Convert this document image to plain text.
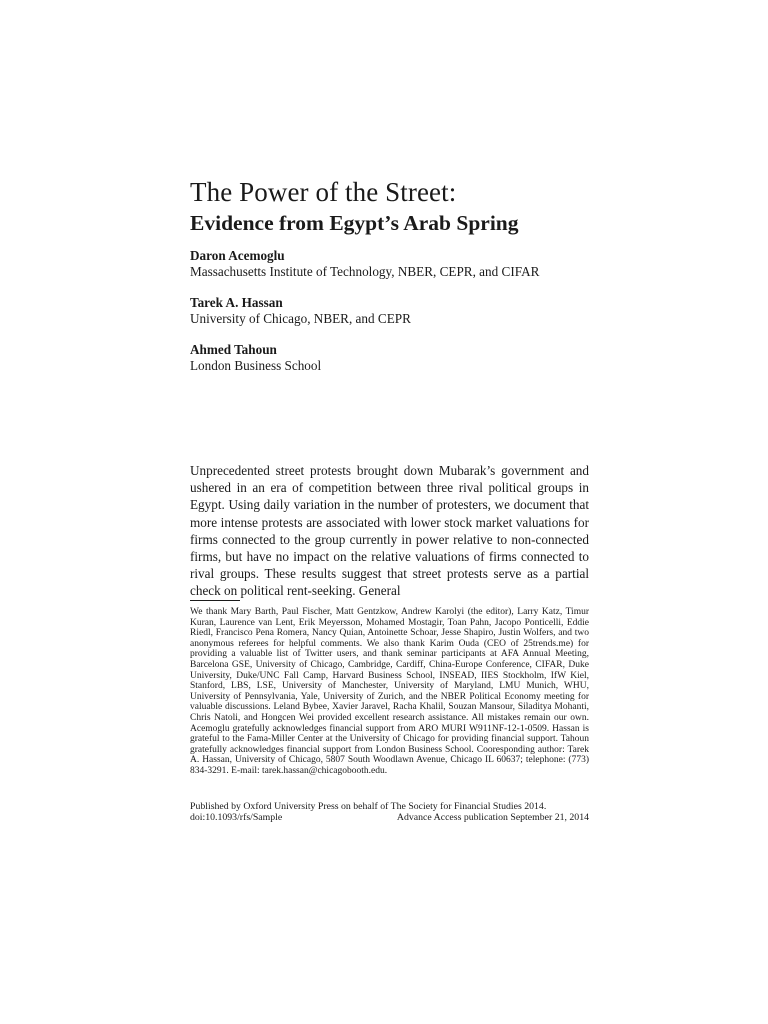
The Power of the Street:
Evidence from Egypt’s Arab Spring
Daron Acemoglu
Massachusetts Institute of Technology, NBER, CEPR, and CIFAR
Tarek A. Hassan
University of Chicago, NBER, and CEPR
Ahmed Tahoun
London Business School
Unprecedented street protests brought down Mubarak’s government and ushered in an era of competition between three rival political groups in Egypt. Using daily variation in the number of protesters, we document that more intense protests are associated with lower stock market valuations for firms connected to the group currently in power relative to non-connected firms, but have no impact on the relative valuations of firms connected to rival groups. These results suggest that street protests serve as a partial check on political rent-seeking. General
We thank Mary Barth, Paul Fischer, Matt Gentzkow, Andrew Karolyi (the editor), Larry Katz, Timur Kuran, Laurence van Lent, Erik Meyersson, Mohamed Mostagir, Toan Pahn, Jacopo Ponticelli, Eddie Riedl, Francisco Pena Romera, Nancy Quian, Antoinette Schoar, Jesse Shapiro, Justin Wolfers, and two anonymous referees for helpful comments. We also thank Karim Ouda (CEO of 25trends.me) for providing a valuable list of Twitter users, and thank seminar participants at AFA Annual Meeting, Barcelona GSE, University of Chicago, Cambridge, Cardiff, China-Europe Conference, CIFAR, Duke University, Duke/UNC Fall Camp, Harvard Business School, INSEAD, IIES Stockholm, IfW Kiel, Stanford, LBS, LSE, University of Manchester, University of Maryland, LMU Munich, WHU, University of Pennsylvania, Yale, University of Zurich, and the NBER Political Economy meeting for valuable discussions. Leland Bybee, Xavier Jaravel, Racha Khalil, Souzan Mansour, Siladitya Mohanti, Chris Natoli, and Hongcen Wei provided excellent research assistance. All mistakes remain our own. Acemoglu gratefully acknowledges financial support from ARO MURI W911NF-12-1-0509. Hassan is grateful to the Fama-Miller Center at the University of Chicago for providing financial support. Tahoun gratefully acknowledges financial support from London Business School. Cooresponding author: Tarek A. Hassan, University of Chicago, 5807 South Woodlawn Avenue, Chicago IL 60637; telephone: (773) 834-3291. E-mail: tarek.hassan@chicagobooth.edu.
Published by Oxford University Press on behalf of The Society for Financial Studies 2014.
doi:10.1093/rfs/Sample	Advance Access publication September 21, 2014
